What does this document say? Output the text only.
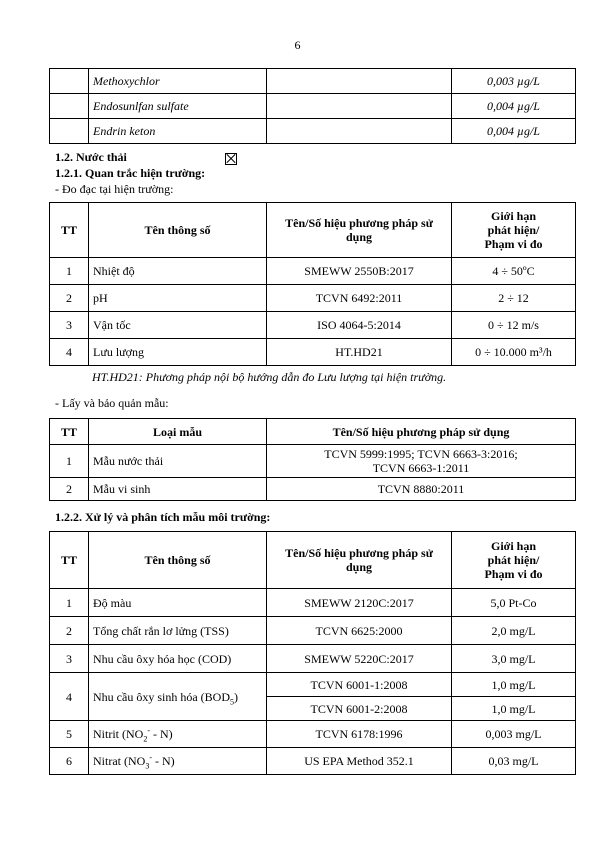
6
	Methoxychlor		0,003 µg/L
	Endosunlfan sulfate		0,004 µg/L
	Endrin keton		0,004 µg/L
1.2. Nước thải
1.2.1. Quan trắc hiện trường:
- Đo đạc tại hiện trường:
TT	Tên thông số	Tên/Số hiệu phương pháp sử dụng	Giới hạn
phát hiện/
Phạm vi đo

1	Nhiệt độ	SMEWW 2550B:2017	4 ÷ 50ºC
2	pH	TCVN 6492:2011	2 ÷ 12
3	Vận tốc	ISO 4064-5:2014	0 ÷ 12 m/s
4	Lưu lượng	HT.HD21	0 ÷ 10.000 m³/h
HT.HD21: Phương pháp nội bộ hướng dẫn đo Lưu lượng tại hiện trường.
- Lấy và bảo quản mẫu:
TT	Loại mẫu	Tên/Số hiệu phương pháp sử dụng
1	Mẫu nước thải	TCVN 5999:1995; TCVN 6663-3:2016;
TCVN 6663-1:2011

2	Mẫu vi sinh	TCVN 8880:2011
1.2.2. Xử lý và phân tích mẫu môi trường:
TT	Tên thông số	Tên/Số hiệu phương pháp sử dụng	Giới hạn
phát hiện/
Phạm vi đo

1	Độ màu	SMEWW 2120C:2017	5,0 Pt-Co
2	Tổng chất rắn lơ lửng (TSS)	TCVN 6625:2000	2,0 mg/L
3	Nhu cầu ôxy hóa học (COD)	SMEWW 5220C:2017	3,0 mg/L
4	Nhu cầu ôxy sinh hóa $(BOD_5)$	TCVN 6001-1:2008	1,0 mg/L
		TCVN 6001-2:2008	1,0 mg/L
5	Nitrit $(NO_2^- - N)$	TCVN 6178:1996	0,003 mg/L
6	Nitrat $(NO_3^- - N)$	US EPA Method 352.1	0,03 mg/L
